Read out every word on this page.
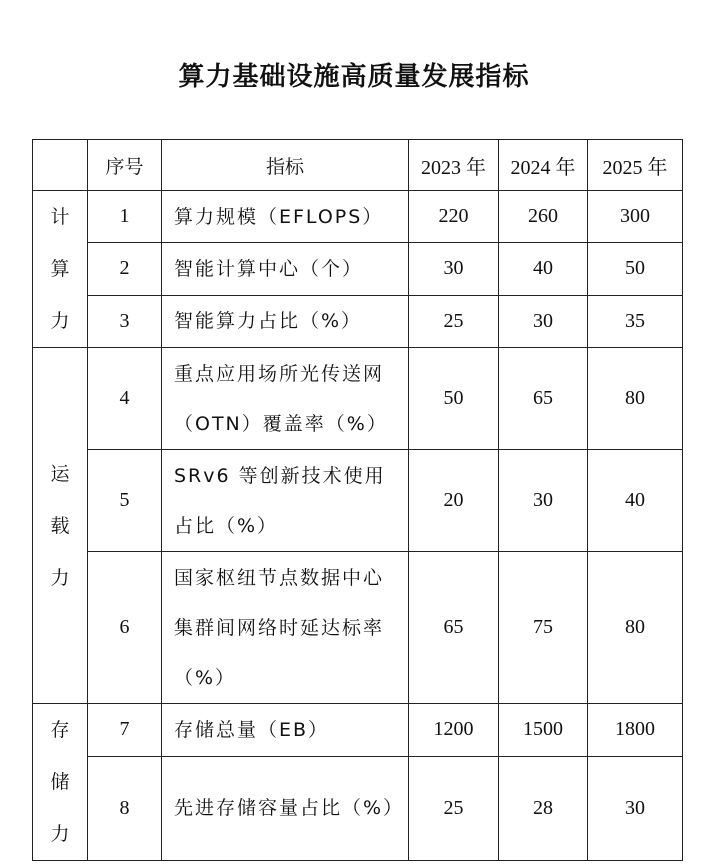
算力基础设施高质量发展指标
	序号	指标	2023 年	2024 年	2025 年

计
算
力	1	算力规模（EFLOPS）	220	260	300
	2	智能计算中心（个）	30	40	50
	3	智能算力占比（%）	25	30	35

运
载
力	4	重点应用场所光传送网（OTN）覆盖率（%）	50	65	80
	5	SRv6 等创新技术使用占比（%）	20	30	40
	6	国家枢纽节点数据中心集群间网络时延达标率（%）	65	75	80

存
储
力	7	存储总量（EB）	1200	1500	1800
	8	先进存储容量占比（%）	25	28	30
